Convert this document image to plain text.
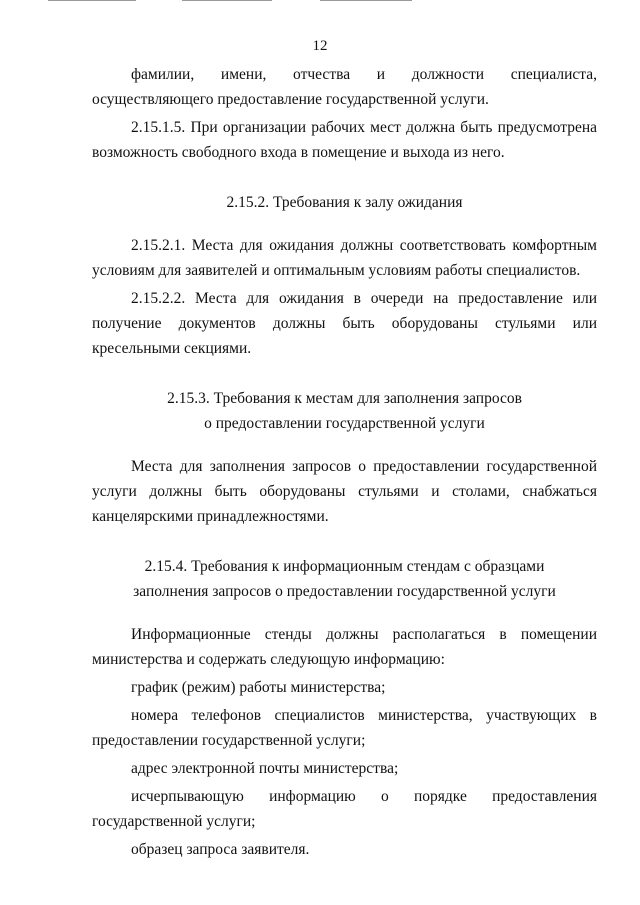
12

фамилии, имени, отчества и должности специалиста, осуществляющего предоставление государственной услуги.

2.15.1.5. При организации рабочих мест должна быть предусмотрена возможность свободного входа в помещение и выхода из него.

2.15.2. Требования к залу ожидания

2.15.2.1. Места для ожидания должны соответствовать комфортным условиям для заявителей и оптимальным условиям работы специалистов.

2.15.2.2. Места для ожидания в очереди на предоставление или получение документов должны быть оборудованы стульями или кресельными секциями.

2.15.3. Требования к местам для заполнения запросов

о предоставлении государственной услуги

Места для заполнения запросов о предоставлении государственной услуги должны быть оборудованы стульями и столами, снабжаться канцелярскими принадлежностями.

2.15.4. Требования к информационным стендам с образцами

заполнения запросов о предоставлении государственной услуги

Информационные стенды должны располагаться в помещении министерства и содержать следующую информацию:

график (режим) работы министерства;

номера телефонов специалистов министерства, участвующих в предоставлении государственной услуги;

адрес электронной почты министерства;

исчерпывающую информацию о порядке предоставления государственной услуги;

образец запроса заявителя.
